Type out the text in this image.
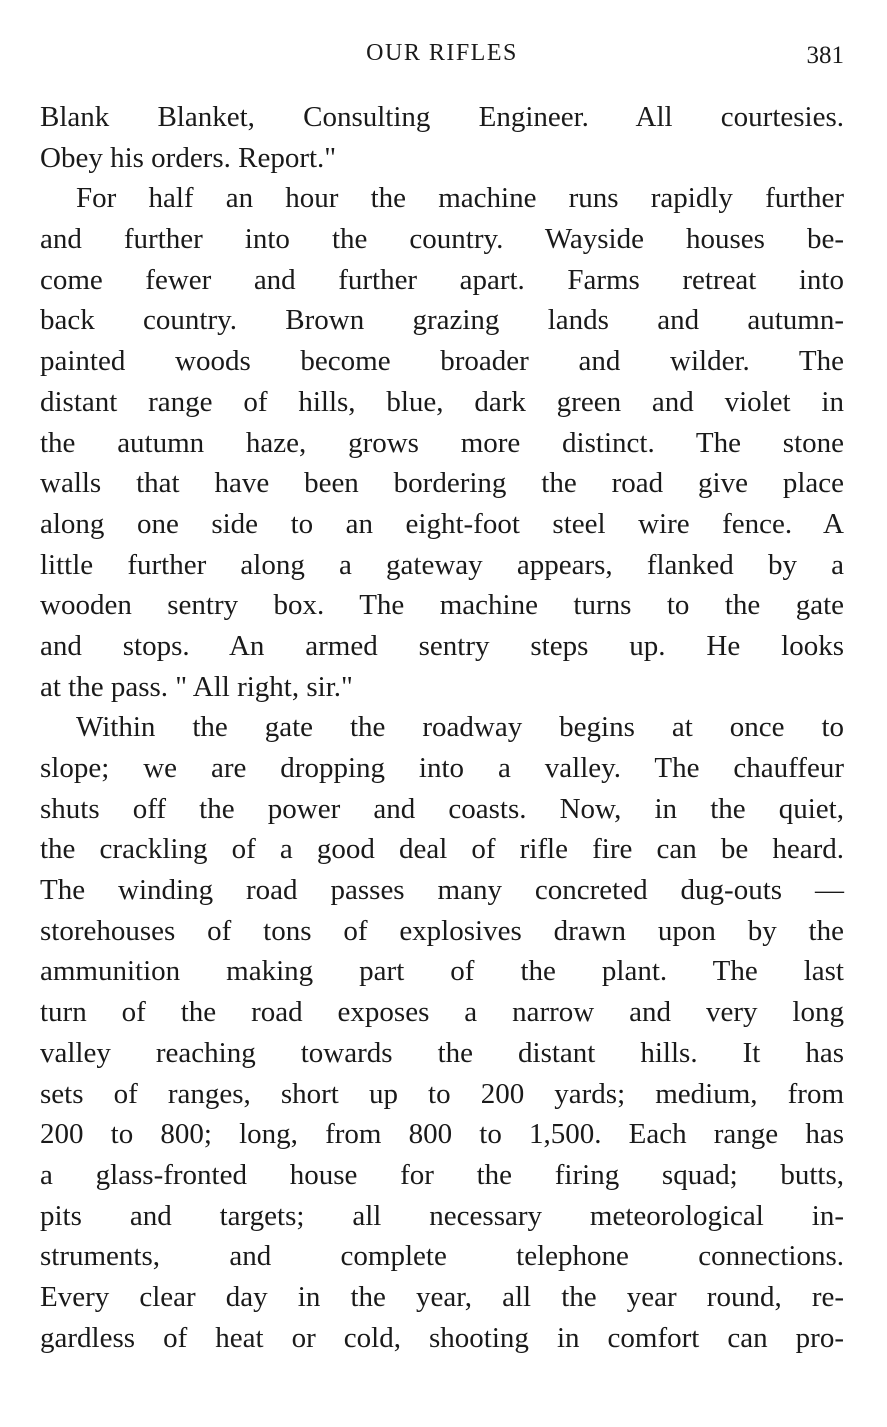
OUR RIFLES	381
Blank Blanket, Consulting Engineer. All courtesies.
Obey his orders. Report."
For half an hour the machine runs rapidly further
and further into the country. Wayside houses be-
come fewer and further apart. Farms retreat into
back country. Brown grazing lands and autumn-
painted woods become broader and wilder. The
distant range of hills, blue, dark green and violet in
the autumn haze, grows more distinct. The stone
walls that have been bordering the road give place
along one side to an eight-foot steel wire fence. A
little further along a gateway appears, flanked by a
wooden sentry box. The machine turns to the gate
and stops. An armed sentry steps up. He looks
at the pass. " All right, sir."
Within the gate the roadway begins at once to
slope; we are dropping into a valley. The chauffeur
shuts off the power and coasts. Now, in the quiet,
the crackling of a good deal of rifle fire can be heard.
The winding road passes many concreted dug-outs —
storehouses of tons of explosives drawn upon by the
ammunition making part of the plant. The last
turn of the road exposes a narrow and very long
valley reaching towards the distant hills. It has
sets of ranges, short up to 200 yards; medium, from
200 to 800; long, from 800 to 1,500. Each range has
a glass-fronted house for the firing squad; butts,
pits and targets; all necessary meteorological in-
struments, and complete telephone connections.
Every clear day in the year, all the year round, re-
gardless of heat or cold, shooting in comfort can pro-
